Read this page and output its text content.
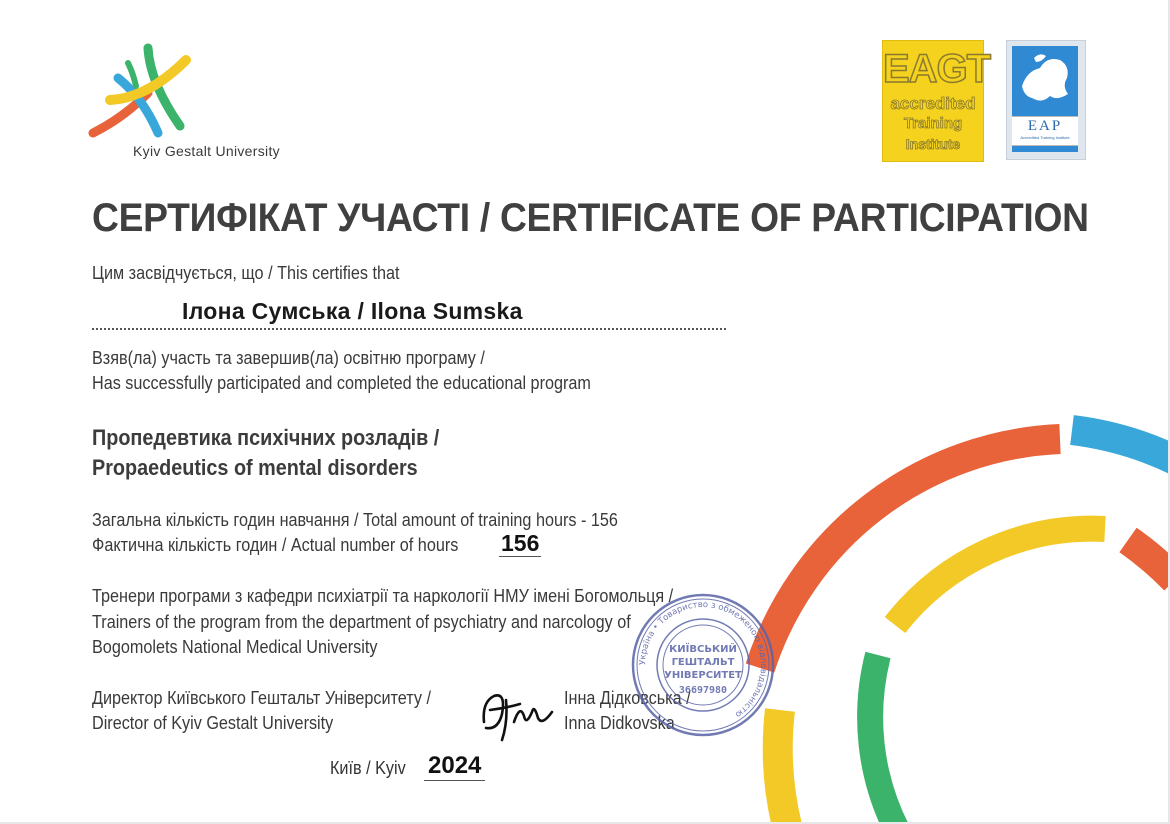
Kyiv Gestalt University
EAGT
accredited
Training
Institute
EAP
Accredited Training Institute
СЕРТИФІКАТ УЧАСТІ / CERTIFICATE OF PARTICIPATION
Цим засвідчується, що / This certifies that
Ілона Сумська / Ilona Sumska
Взяв(ла) участь та завершив(ла) освітню програму /
Has successfully participated and completed the educational program
Пропедевтика психічних розладів /
Propaedeutics of mental disorders
Загальна кількість годин навчання / Total amount of training hours - 156
Фактична кількість годин / Actual number of hours 156
Тренери програми з кафедри психіатрії та наркології НМУ імені Богомольця /
Trainers of the program from the department of psychiatry and narcology of
Bogomolets National Medical University
Директор Київського Гештальт Університету /
Director of Kyiv Gestalt University
Інна Дідковська /
Inna Didkovska
Україна • Товариство з обмеженою відповідальністю
КИЇВСЬКИЙ
ГЕШТАЛЬТ
УНІВЕРСИТЕТ
36697980
Київ / Kyiv 2024
